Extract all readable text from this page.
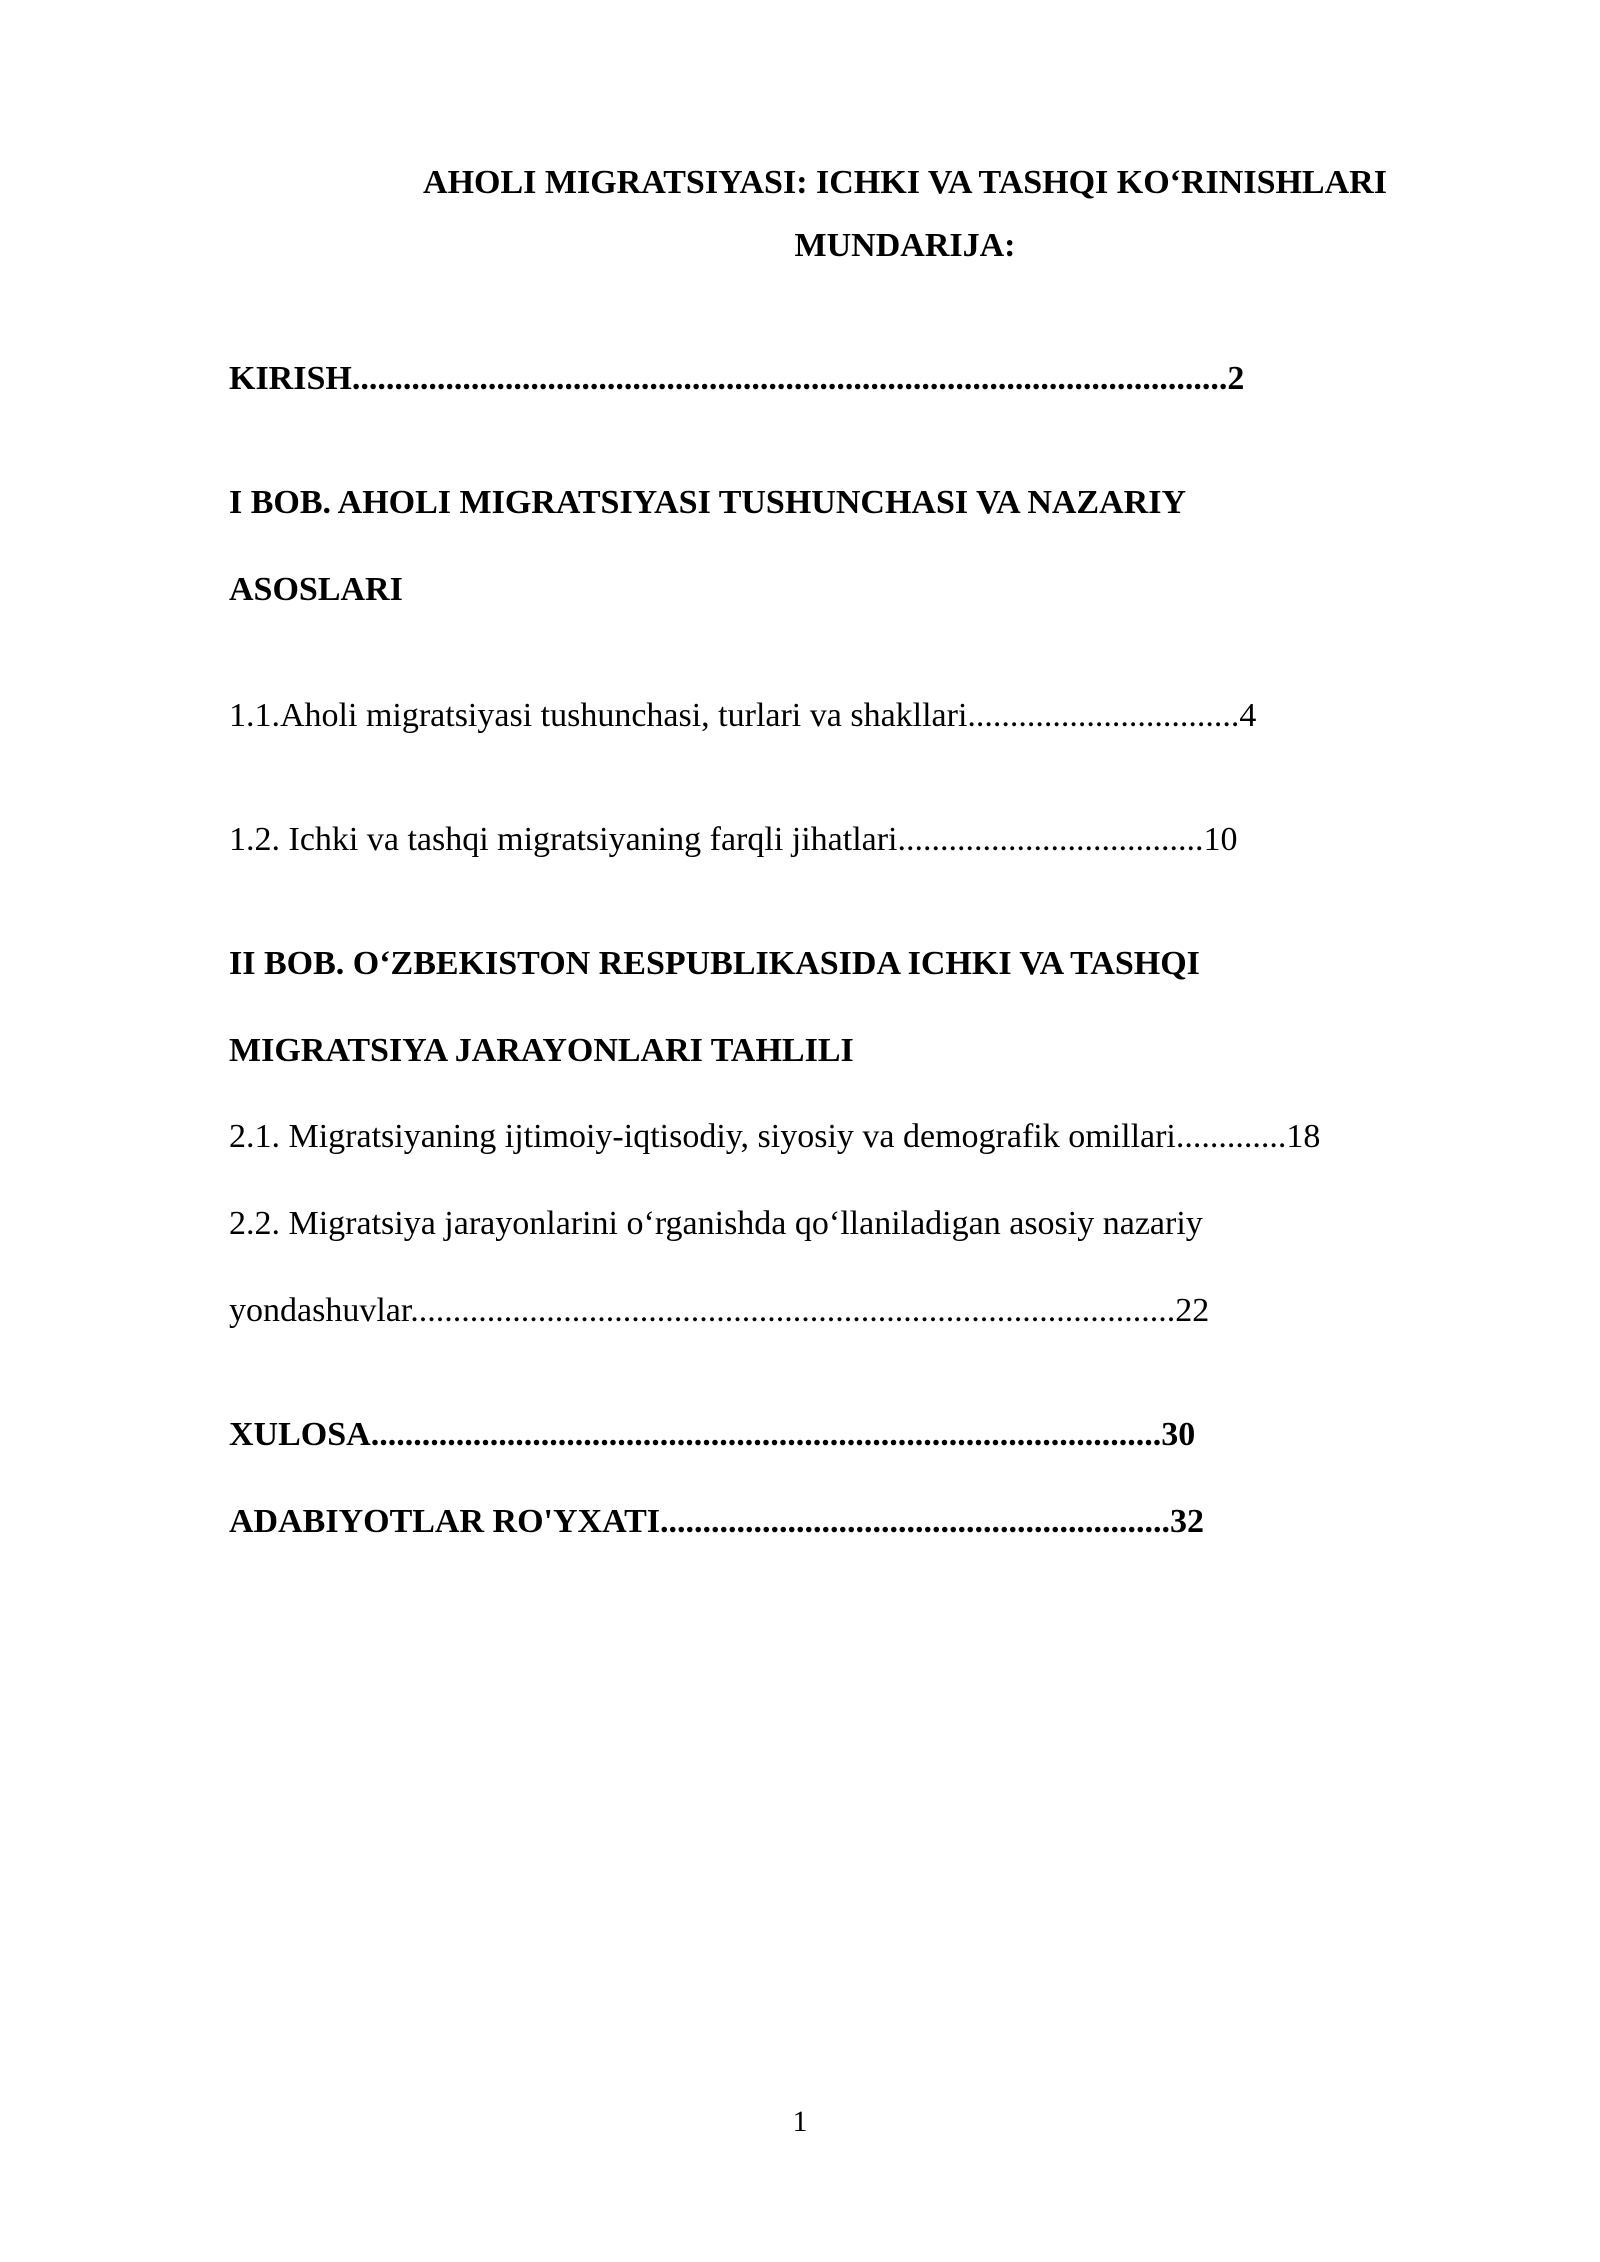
AHOLI MIGRATSIYASI: ICHKI VA TASHQI KO‘RINISHLARI
MUNDARIJA:
KIRISH.......................................................................................................2
I BOB. AHOLI MIGRATSIYASI TUSHUNCHASI VA NAZARIY
ASOSLARI
1.1.Aholi migratsiyasi tushunchasi, turlari va shakllari................................4
1.2. Ichki va tashqi migratsiyaning farqli jihatlari....................................10
II BOB. O‘ZBEKISTON RESPUBLIKASIDA ICHKI VA TASHQI
MIGRATSIYA JARAYONLARI TAHLILI
2.1. Migratsiyaning ijtimoiy-iqtisodiy, siyosiy va demografik omillari.............18
2.2. Migratsiya jarayonlarini o‘rganishda qo‘llaniladigan asosiy nazariy
yondashuvlar..........................................................................................22
XULOSA.............................................................................................30
ADABIYOTLAR RO'YXATI............................................................32
1
